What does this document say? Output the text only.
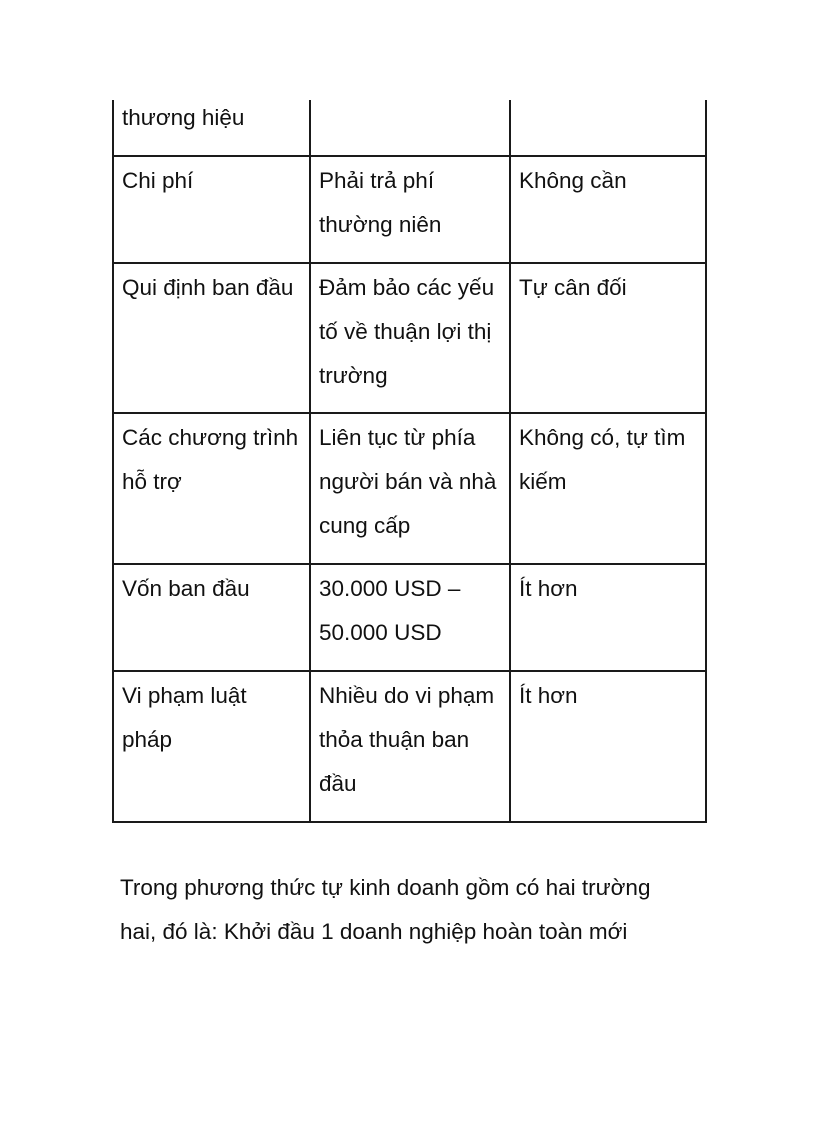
thương hiệu		

Chi phí	Phải trả phí thường niên	Không cần

Qui định ban đầu	Đảm bảo các yếu tố về thuận lợi thị trường	Tự cân đối

Các chương trình hỗ trợ	Liên tục từ phía người bán và nhà cung cấp	Không có, tự tìm kiếm

Vốn ban đầu	30.000 USD – 50.000 USD	Ít hơn

Vi phạm luật pháp	Nhiều do vi phạm thỏa thuận ban đầu	Ít hơn

Trong phương thức tự kinh doanh gồm có hai trường
hai, đó là: Khởi đầu 1 doanh nghiệp hoàn toàn mới
